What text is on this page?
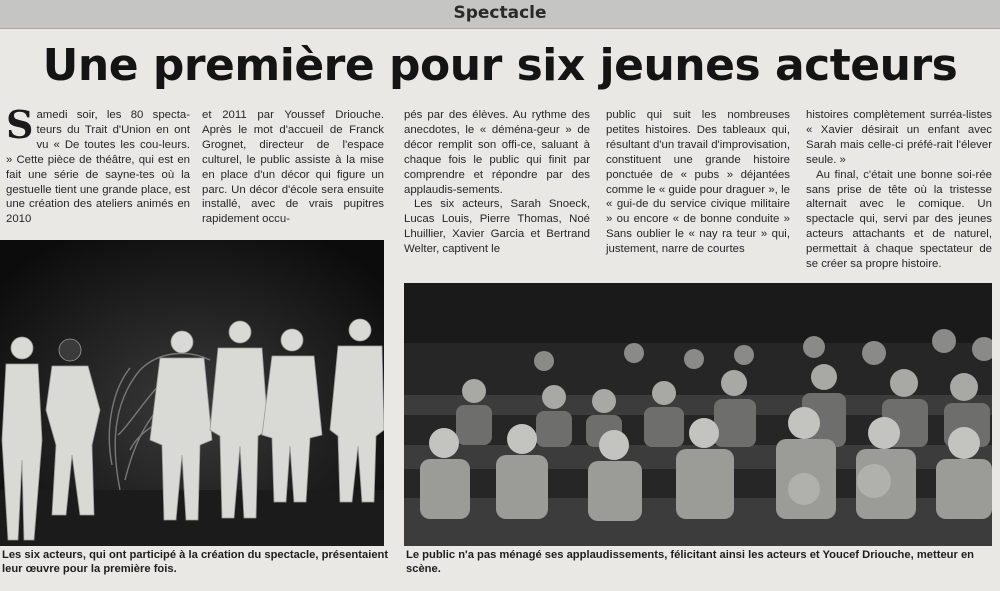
Spectacle
Une première pour six jeunes acteurs

Samedi soir, les 80 specta-teurs du Trait d'Union en ont vu « De toutes les cou-leurs. » Cette pièce de théâtre, qui est en fait une série de sayne-tes où la gestuelle tient une grande place, est une création des ateliers animés en 2010

et 2011 par Youssef Driouche. Après le mot d'accueil de Franck Grognet, directeur de l'espace culturel, le public assiste à la mise en place d'un décor qui figure un parc. Un décor d'école sera ensuite installé, avec de vrais pupitres rapidement occu-

pés par des élèves. Au rythme des anecdotes, le « déména-geur » de décor remplit son offi-ce, saluant à chaque fois le public qui finit par comprendre et répondre par des applaudis-sements.

Les six acteurs, Sarah Snoeck, Lucas Louis, Pierre Thomas, Noé Lhuillier, Xavier Garcia et Bertrand Welter, captivent le

public qui suit les nombreuses petites histoires. Des tableaux qui, résultant d'un travail d'improvisation, constituent une grande histoire ponctuée de « pubs » déjantées comme le « guide pour draguer », le « gui-de du service civique militaire » ou encore « de bonne conduite » Sans oublier le « nay ra teur » qui, justement, narre de courtes

histoires complètement surréa-listes « Xavier désirait un enfant avec Sarah mais celle-ci préfé-rait l'élever seule. »

Au final, c'était une bonne soi-rée sans prise de tête où la tristesse alternait avec le comique. Un spectacle qui, servi par des jeunes acteurs attachants et de naturel, permettait à chaque spectateur de se créer sa propre histoire.

Les six acteurs, qui ont participé à la création du spectacle, présentaient leur œuvre pour la première fois.
Le public n'a pas ménagé ses applaudissements, félicitant ainsi les acteurs et Youcef Driouche, metteur en scène.
